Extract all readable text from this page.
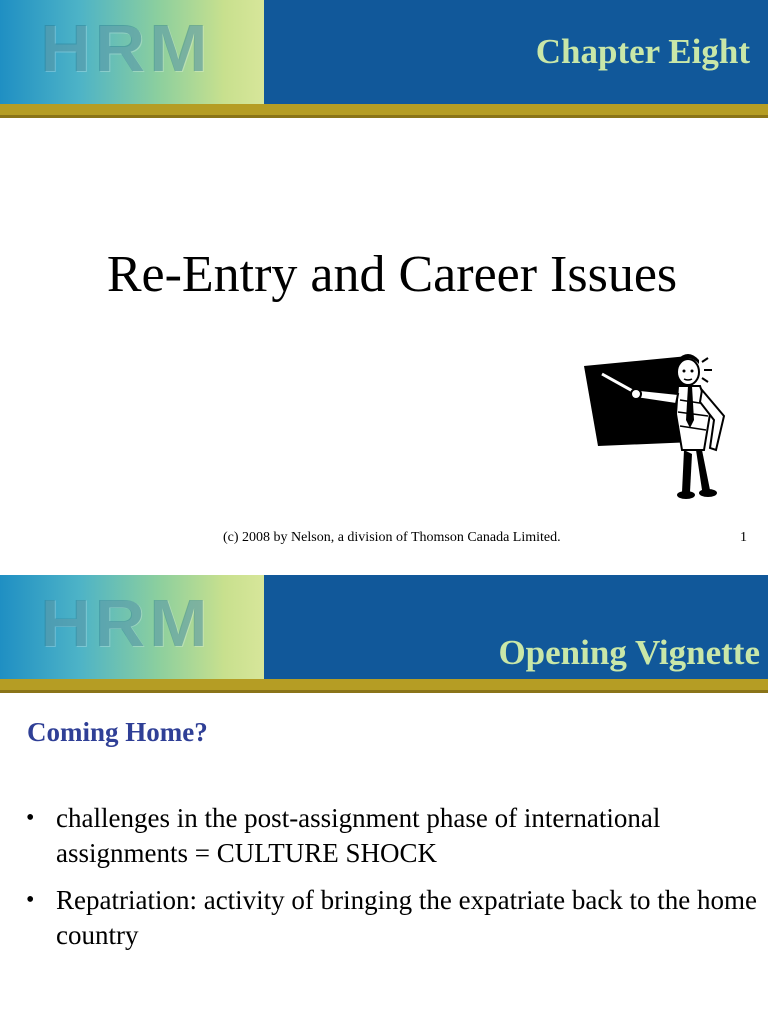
HRM	Chapter Eight
Re-Entry and Career Issues
(c) 2008 by Nelson, a division of Thomson Canada Limited.	1
HRM	Opening Vignette
Coming Home?
• challenges in the post-assignment phase of international assignments = CULTURE SHOCK
• Repatriation: activity of bringing the expatriate back to the home country
